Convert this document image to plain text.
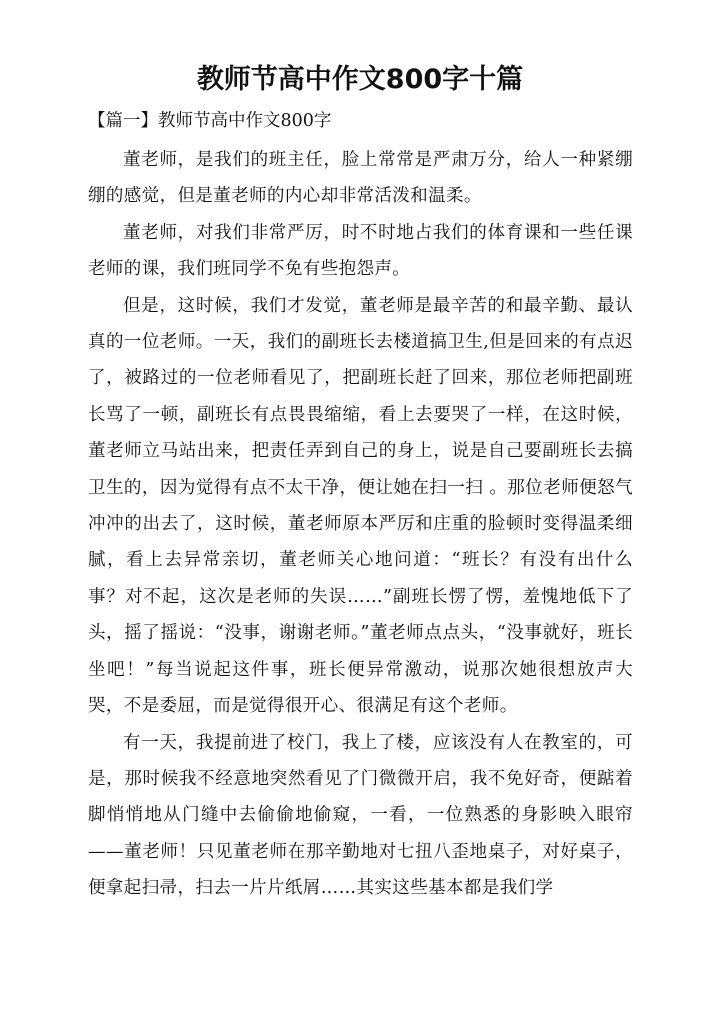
教师节高中作文800字十篇
【篇一】教师节高中作文800字

董老师，是我们的班主任，脸上常常是严肃万分，给人一种紧绷绷的感觉，但是董老师的内心却非常活泼和温柔。

董老师，对我们非常严厉，时不时地占我们的体育课和一些任课老师的课，我们班同学不免有些抱怨声。

但是，这时候，我们才发觉，董老师是最辛苦的和最辛勤、最认真的一位老师。一天，我们的副班长去楼道搞卫生,但是回来的有点迟了，被路过的一位老师看见了，把副班长赶了回来，那位老师把副班长骂了一顿，副班长有点畏畏缩缩，看上去要哭了一样，在这时候，董老师立马站出来，把责任弄到自己的身上，说是自己要副班长去搞卫生的，因为觉得有点不太干净，便让她在扫一扫 。那位老师便怒气冲冲的出去了，这时候，董老师原本严厉和庄重的脸顿时变得温柔细腻，看上去异常亲切，董老师关心地问道：“班长？有没有出什么事？对不起，这次是老师的失误……”副班长愣了愣，羞愧地低下了头，摇了摇说：“没事，谢谢老师。”董老师点点头，“没事就好，班长坐吧！”每当说起这件事，班长便异常激动，说那次她很想放声大哭，不是委屈，而是觉得很开心、很满足有这个老师。

有一天，我提前进了校门，我上了楼，应该没有人在教室的，可是，那时候我不经意地突然看见了门微微开启，我不免好奇，便踮着脚悄悄地从门缝中去偷偷地偷窥，一看，一位熟悉的身影映入眼帘——董老师！只见董老师在那辛勤地对七扭八歪地桌子，对好桌子，便拿起扫帚，扫去一片片纸屑……其实这些基本都是我们学
